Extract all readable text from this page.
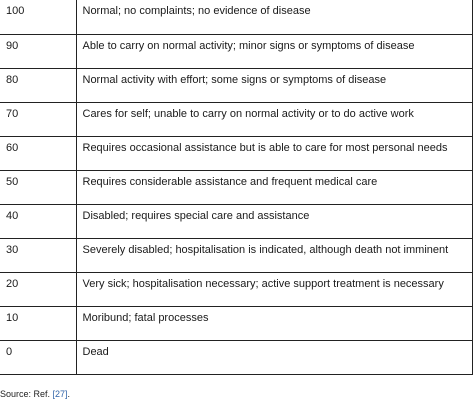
100	Normal; no complaints; no evidence of disease
90	Able to carry on normal activity; minor signs or symptoms of disease
80	Normal activity with effort; some signs or symptoms of disease
70	Cares for self; unable to carry on normal activity or to do active work
60	Requires occasional assistance but is able to care for most personal needs
50	Requires considerable assistance and frequent medical care
40	Disabled; requires special care and assistance
30	Severely disabled; hospitalisation is indicated, although death not imminent
20	Very sick; hospitalisation necessary; active support treatment is necessary
10	Moribund; fatal processes
0	Dead
Source: Ref. [27].
